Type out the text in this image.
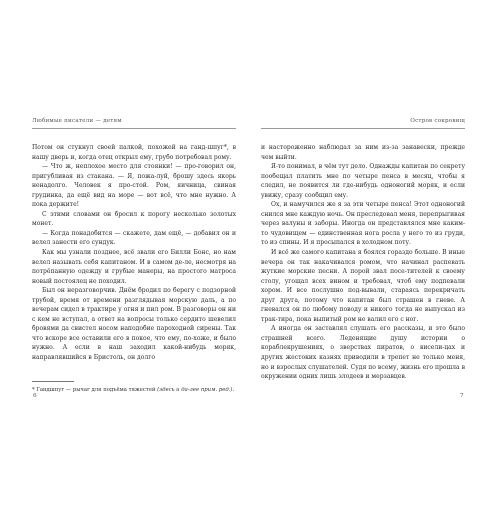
Любимые писатели — детям

Потом он стукнул своей палкой, похожей на ганд-шпуг*, в нашу дверь и, когда отец открыл ему, грубо потребовал рому.

— Что ж, неплохое место для стоянки! — про-говорил он, пригубливая из стакана. — Я, пожа-луй, брошу здесь якорь ненадолго. Человек я про-стой. Ром, яичница, свиная грудинка, да ещё вид на море — вот всё, что мне нужно. А пока держите!

С этими словами он бросил к порогу несколько золотых монет.

— Когда понадобится — скажете, дам ещё, — добавил он и велел занести его сундук.

Как мы узнали позднее, всё звали его Билли Бонс, но нам велел называть себя капитаном. И в самом де-ле, несмотря на потрёпанную одежду и грубые манеры, на простого матроса новый постоялец не походил.

Был он неразговорчив. Днём бродил по берегу с подзорной трубой, время от времени разглядывая морскую даль, а по вечерам сидел в трактире у огня и пил ром. В разговоры он ни с кем не вступал, а ответ на вопросы только сердито шевелил бровями да свистел носом наподобие пароходной сирены. Так что вскоре все оставили его в покое, что ему, по-хоже, и было нужно. А если в наш заходил какой-нибудь моряк, направлявшийся в Бристоль, он долго

* Гандшпуг — рычаг для подъёма тяжестей (здесь и да-лее прим. ред.).
Остров сокровищ

и настороженно наблюдал за ним из-за занавески, прежде чем выйти.

Я-то понимал, в чём тут дело. Однажды капитан по секрету пообещал платить мне по четыре пенса в месяц, чтобы я следил, не появится ли где-нибудь одноногий моряк, и если увижу, сразу сообщил ему.

Ох, и намучился же я за эти четыре пенса! Этот одноногий снился мне каждую ночь. Он преследовал меня, перепрыгивая через валуны и заборы. Иногда он представлялся мне каким-то чудовищем — единственная нога росла у него то из груди, то из спины. И я просыпался в холодном поту.

И всё же самого капитана я боялся гораздо больше. В иные вечера он так накачивался ромом, что начинал распевать жуткие морские песни. А порой звал посе-тителей к своему столу, угощал всех вином и требовал, чтоб ему подпевали хором. И все послушно под-вывали, стараясь перекричать друг друга, потому что капитан был страшен в гневе. А гневался он по любому поводу и никого тогда не выпускал из трак-тира, пока выпитый ром не валил его с ног.

А иногда он заставлял слушать его рассказы, и это было страшней всего. Леденящие душу истории о кораблекрушениях, о зверствах пиратов, о висели-цах и других жестоких казнях приводили в трепет не только меня, но и взрослых слушателей. Судя по всему, жизнь его прошла в окружении одних лишь злодеев и мерзавцев.

6	7
